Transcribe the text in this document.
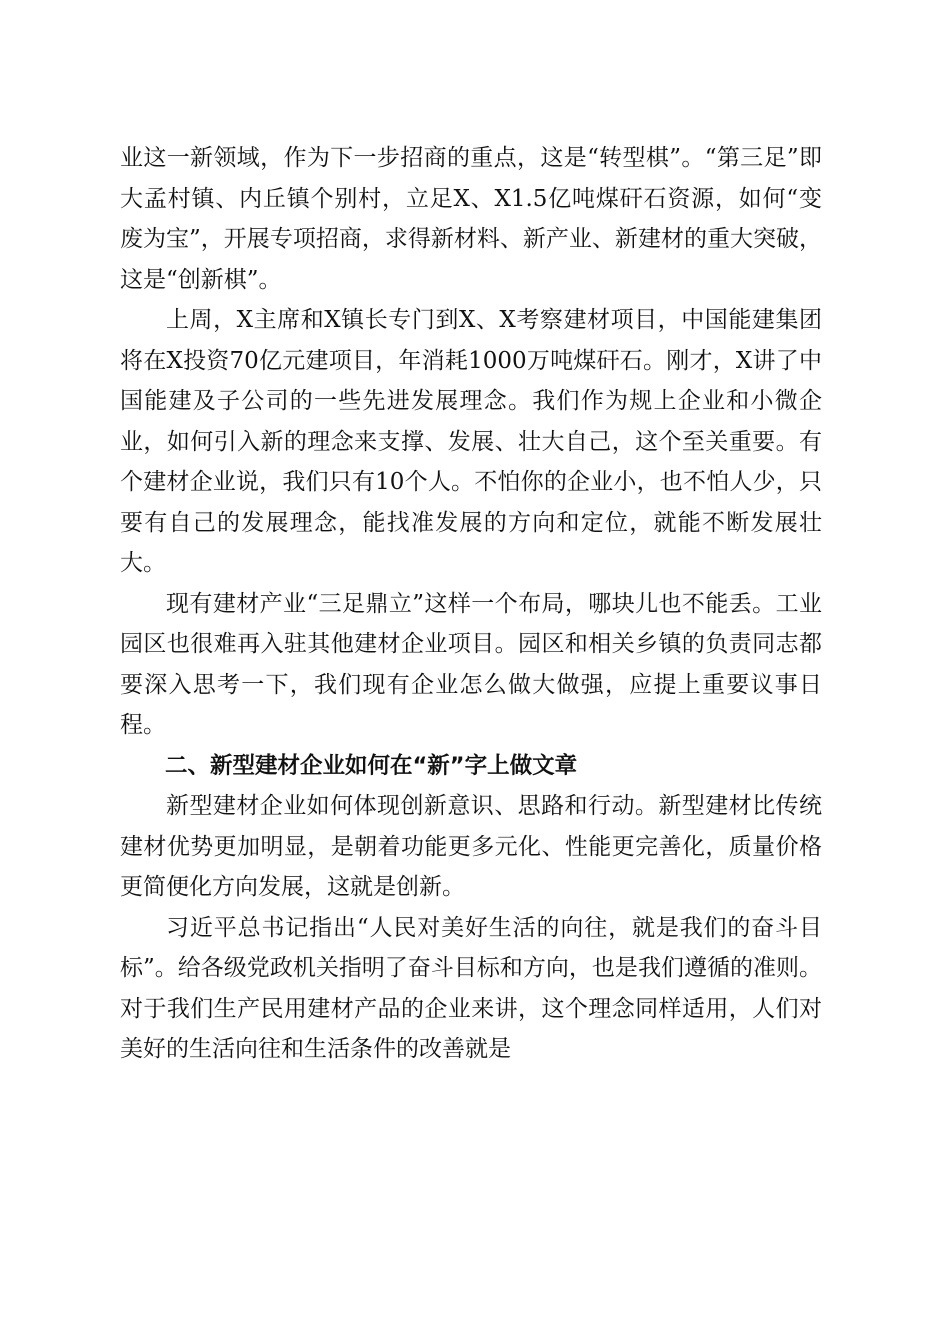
业这一新领域，作为下一步招商的重点，这是“转型棋”。“第三足”即大孟村镇、内丘镇个别村，立足X、X1.5亿吨煤矸石资源，如何“变废为宝”，开展专项招商，求得新材料、新产业、新建材的重大突破，这是“创新棋”。

上周，X主席和X镇长专门到X、X考察建材项目，中国能建集团将在X投资70亿元建项目，年消耗1000万吨煤矸石。刚才，X讲了中国能建及子公司的一些先进发展理念。我们作为规上企业和小微企业，如何引入新的理念来支撑、发展、壮大自己，这个至关重要。有个建材企业说，我们只有10个人。不怕你的企业小，也不怕人少，只要有自己的发展理念，能找准发展的方向和定位，就能不断发展壮大。

现有建材产业“三足鼎立”这样一个布局，哪块儿也不能丢。工业园区也很难再入驻其他建材企业项目。园区和相关乡镇的负责同志都要深入思考一下，我们现有企业怎么做大做强，应提上重要议事日程。

二、新型建材企业如何在“新”字上做文章

新型建材企业如何体现创新意识、思路和行动。新型建材比传统建材优势更加明显，是朝着功能更多元化、性能更完善化，质量价格更简便化方向发展，这就是创新。

习近平总书记指出“人民对美好生活的向往，就是我们的奋斗目标”。给各级党政机关指明了奋斗目标和方向，也是我们遵循的准则。对于我们生产民用建材产品的企业来讲，这个理念同样适用，人们对美好的生活向往和生活条件的改善就是
